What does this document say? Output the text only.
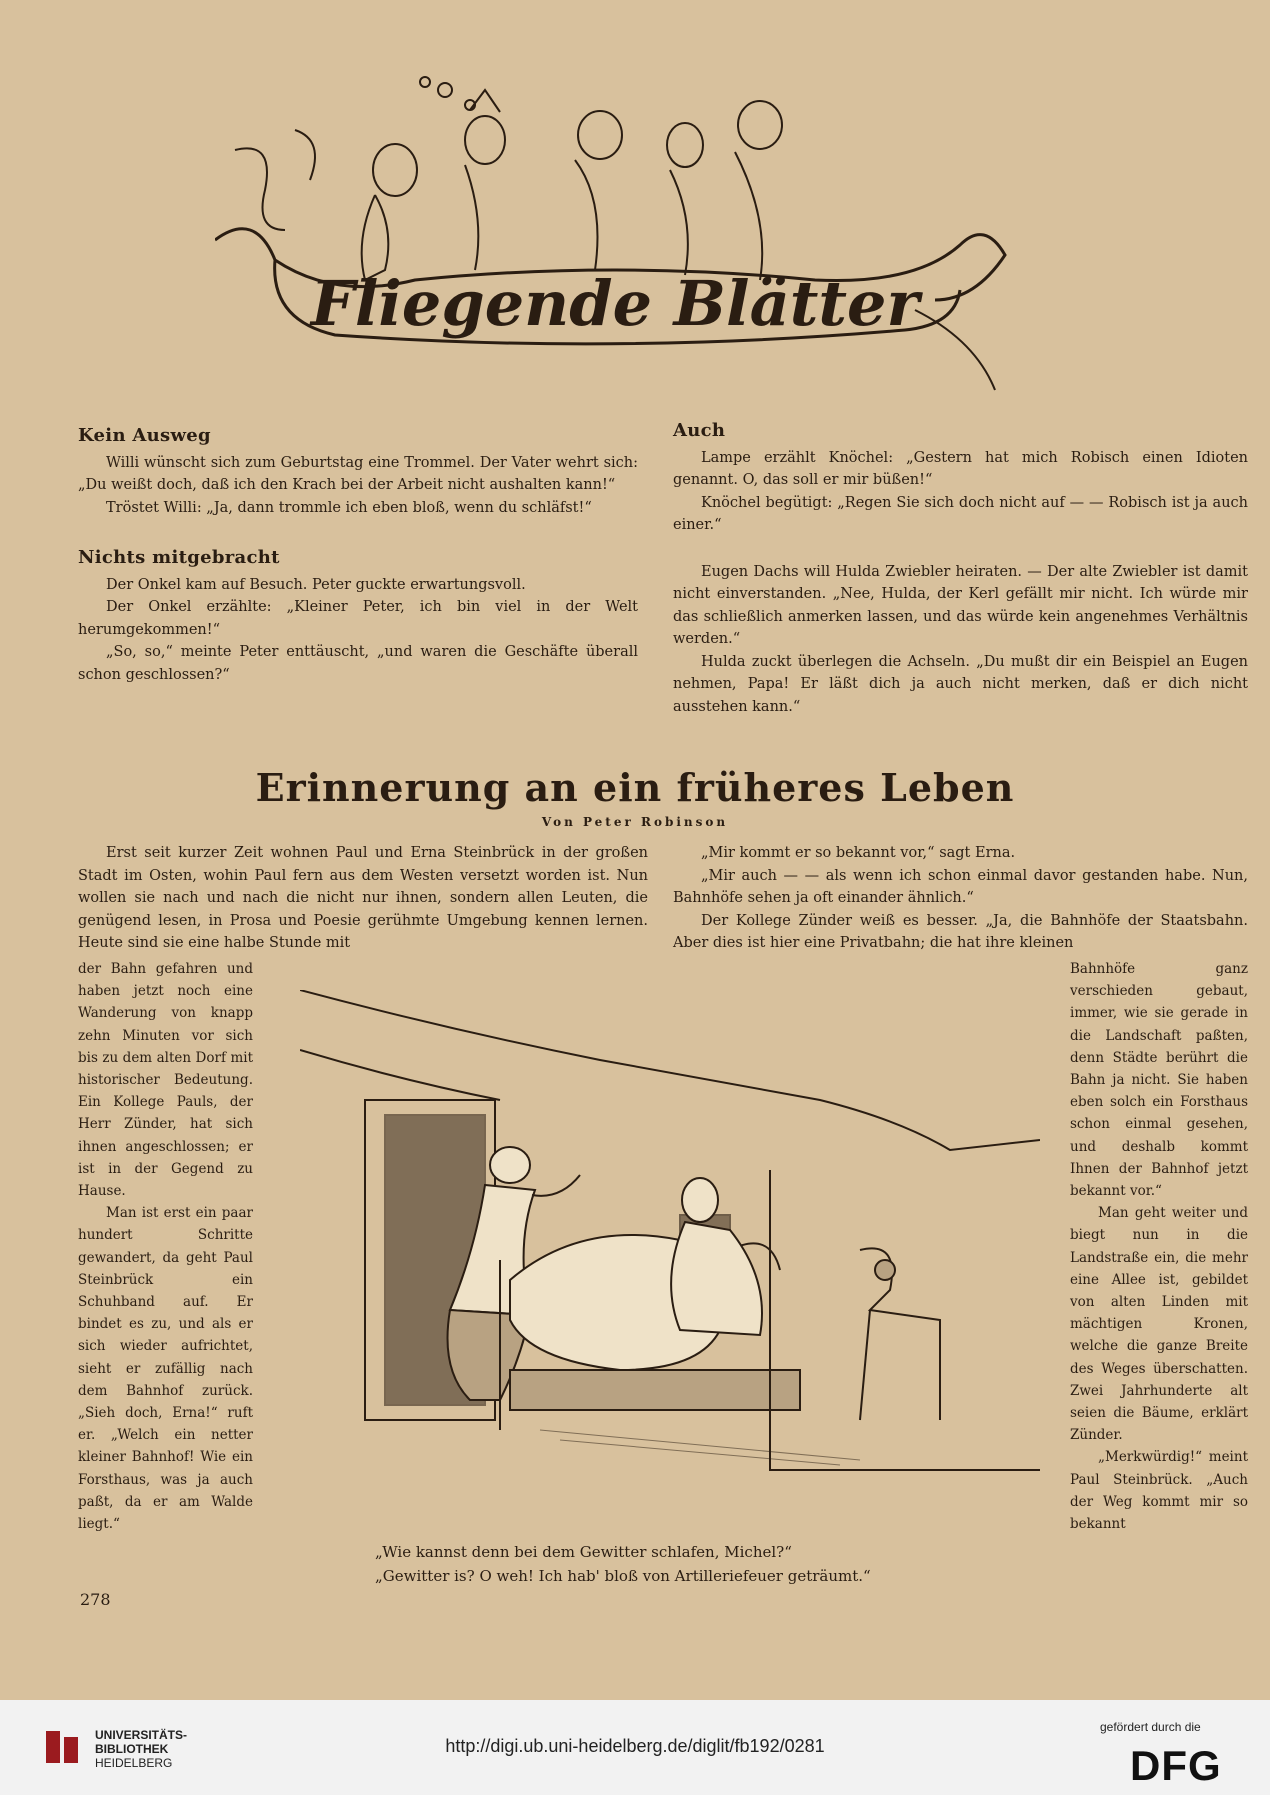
Fliegende Blätter
Kein Ausweg

Willi wünscht sich zum Geburtstag eine Trommel. Der Vater wehrt sich: „Du weißt doch, daß ich den Krach bei der Arbeit nicht aushalten kann!“

Tröstet Willi: „Ja, dann trommle ich eben bloß, wenn du schläfst!“

Nichts mitgebracht

Der Onkel kam auf Besuch. Peter guckte erwartungsvoll.

Der Onkel erzählte: „Kleiner Peter, ich bin viel in der Welt herumgekommen!“

„So, so,“ meinte Peter enttäuscht, „und waren die Geschäfte überall schon geschlossen?“

Auch

Lampe erzählt Knöchel: „Gestern hat mich Robisch einen Idioten genannt. O, das soll er mir büßen!“

Knöchel begütigt: „Regen Sie sich doch nicht auf — — Robisch ist ja auch einer.“

Eugen Dachs will Hulda Zwiebler heiraten. — Der alte Zwiebler ist damit nicht einverstanden. „Nee, Hulda, der Kerl gefällt mir nicht. Ich würde mir das schließlich anmerken lassen, und das würde kein angenehmes Verhältnis werden.“

Hulda zuckt überlegen die Achseln. „Du mußt dir ein Beispiel an Eugen nehmen, Papa! Er läßt dich ja auch nicht merken, daß er dich nicht ausstehen kann.“

Erinnerung an ein früheres Leben
Von Peter Robinson

Erst seit kurzer Zeit wohnen Paul und Erna Steinbrück in der großen Stadt im Osten, wohin Paul fern aus dem Westen versetzt worden ist. Nun wollen sie nach und nach die nicht nur ihnen, sondern allen Leuten, die genügend lesen, in Prosa und Poesie gerühmte Umgebung kennen lernen. Heute sind sie eine halbe Stunde mit

der Bahn gefahren und haben jetzt noch eine Wanderung von knapp zehn Minuten vor sich bis zu dem alten Dorf mit historischer Bedeutung. Ein Kollege Pauls, der Herr Zünder, hat sich ihnen angeschlossen; er ist in der Gegend zu Hause.

Man ist erst ein paar hundert Schritte gewandert, da geht Paul Steinbrück ein Schuhband auf. Er bindet es zu, und als er sich wieder aufrichtet, sieht er zufällig nach dem Bahnhof zurück. „Sieh doch, Erna!“ ruft er. „Welch ein netter kleiner Bahnhof! Wie ein Forsthaus, was ja auch paßt, da er am Walde liegt.“

„Mir kommt er so bekannt vor,“ sagt Erna.

„Mir auch — — als wenn ich schon einmal davor gestanden habe. Nun, Bahnhöfe sehen ja oft einander ähnlich.“

Der Kollege Zünder weiß es besser. „Ja, die Bahnhöfe der Staatsbahn. Aber dies ist hier eine Privatbahn; die hat ihre kleinen

Bahnhöfe ganz verschieden gebaut, immer, wie sie gerade in die Landschaft paßten, denn Städte berührt die Bahn ja nicht. Sie haben eben solch ein Forsthaus schon einmal gesehen, und deshalb kommt Ihnen der Bahnhof jetzt bekannt vor.“

Man geht weiter und biegt nun in die Landstraße ein, die mehr eine Allee ist, gebildet von alten Linden mit mächtigen Kronen, welche die ganze Breite des Weges überschatten. Zwei Jahrhunderte alt seien die Bäume, erklärt Zünder.

„Merkwürdig!“ meint Paul Steinbrück. „Auch der Weg kommt mir so bekannt

„Wie kannst denn bei dem Gewitter schlafen, Michel?“
„Gewitter is? O weh! Ich hab' bloß von Artilleriefeuer geträumt.“
278
UNIVERSITÄTS-
BIBLIOTHEK
HEIDELBERG
http://digi.ub.uni-heidelberg.de/diglit/fb192/0281
gefördert durch die
DFG
